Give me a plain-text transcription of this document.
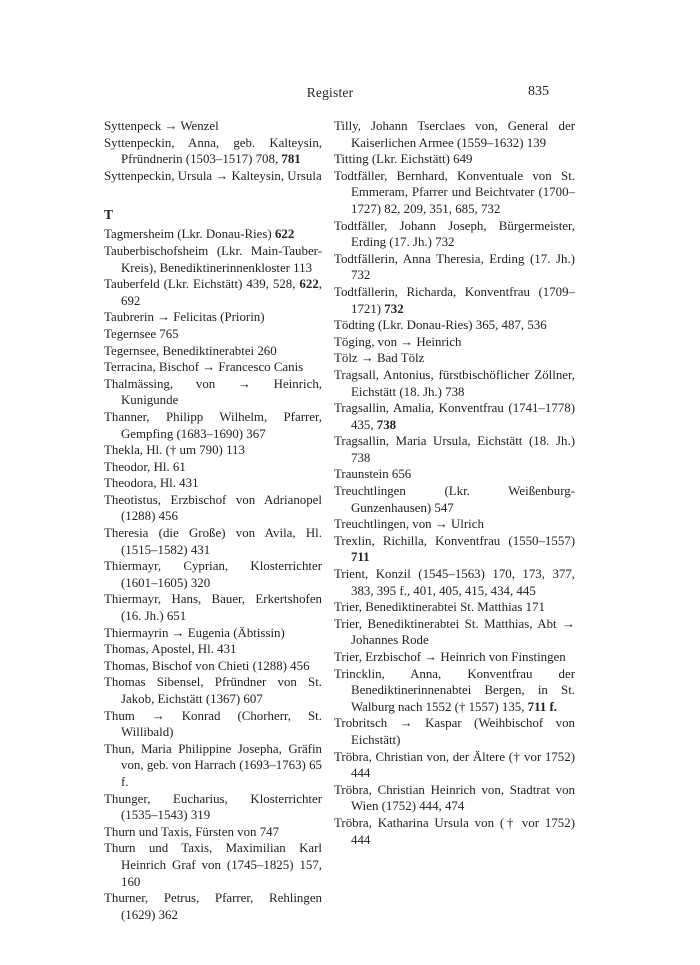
Register	835

Syttenpeck → Wenzel

Syttenpeckin, Anna, geb. Kalteysin, Pfründnerin (1503–1517) 708, 781

Syttenpeckin, Ursula → Kalteysin, Ursula

T

Tagmersheim (Lkr. Donau-Ries) 622

Tauberbischofsheim (Lkr. Main-Tauber-Kreis), Benediktinerinnenkloster 113

Tauberfeld (Lkr. Eichstätt) 439, 528, 622, 692

Taubrerin → Felicitas (Priorin)

Tegernsee 765

Tegernsee, Benediktinerabtei 260

Terracina, Bischof → Francesco Canis

Thalmässing, von → Heinrich, Kunigunde

Thanner, Philipp Wilhelm, Pfarrer, Gempfing (1683–1690) 367

Thekla, Hl. († um 790) 113

Theodor, Hl. 61

Theodora, Hl. 431

Theotistus, Erzbischof von Adrianopel (1288) 456

Theresia (die Große) von Avila, Hl. (1515–1582) 431

Thiermayr, Cyprian, Klosterrichter (1601–1605) 320

Thiermayr, Hans, Bauer, Erkertshofen (16. Jh.) 651

Thiermayrin → Eugenia (Äbtissin)

Thomas, Apostel, Hl. 431

Thomas, Bischof von Chieti (1288) 456

Thomas Sibensel, Pfründner von St. Jakob, Eichstätt (1367) 607

Thum → Konrad (Chorherr, St. Willibald)

Thun, Maria Philippine Josepha, Gräfin von, geb. von Harrach (1693–1763) 65 f.

Thunger, Eucharius, Klosterrichter (1535–1543) 319

Thurn und Taxis, Fürsten von 747

Thurn und Taxis, Maximilian Karl Heinrich Graf von (1745–1825) 157, 160

Thurner, Petrus, Pfarrer, Rehlingen (1629) 362

Tilly, Johann Tserclaes von, General der Kaiserlichen Armee (1559–1632) 139

Titting (Lkr. Eichstätt) 649

Todtfäller, Bernhard, Konventuale von St. Emmeram, Pfarrer und Beichtvater (1700–1727) 82, 209, 351, 685, 732

Todtfäller, Johann Joseph, Bürgermeister, Erding (17. Jh.) 732

Todtfällerin, Anna Theresia, Erding (17. Jh.) 732

Todtfällerin, Richarda, Konventfrau (1709–1721) 732

Tödting (Lkr. Donau-Ries) 365, 487, 536

Töging, von → Heinrich

Tölz → Bad Tölz

Tragsall, Antonius, fürstbischöflicher Zöllner, Eichstätt (18. Jh.) 738

Tragsallin, Amalia, Konventfrau (1741–1778) 435, 738

Tragsallin, Maria Ursula, Eichstätt (18. Jh.) 738

Traunstein 656

Treuchtlingen (Lkr. Weißenburg-Gunzenhausen) 547

Treuchtlingen, von → Ulrich

Trexlin, Richilla, Konventfrau (1550–1557) 711

Trient, Konzil (1545–1563) 170, 173, 377, 383, 395 f., 401, 405, 415, 434, 445

Trier, Benediktinerabtei St. Matthias 171

Trier, Benediktinerabtei St. Matthias, Abt → Johannes Rode

Trier, Erzbischof → Heinrich von Finstingen

Trincklin, Anna, Konventfrau der Benediktinerinnenabtei Bergen, in St. Walburg nach 1552 († 1557) 135, 711 f.

Trobritsch → Kaspar (Weihbischof von Eichstätt)

Tröbra, Christian von, der Ältere († vor 1752) 444

Tröbra, Christian Heinrich von, Stadtrat von Wien (1752) 444, 474

Tröbra, Katharina Ursula von († vor 1752) 444
